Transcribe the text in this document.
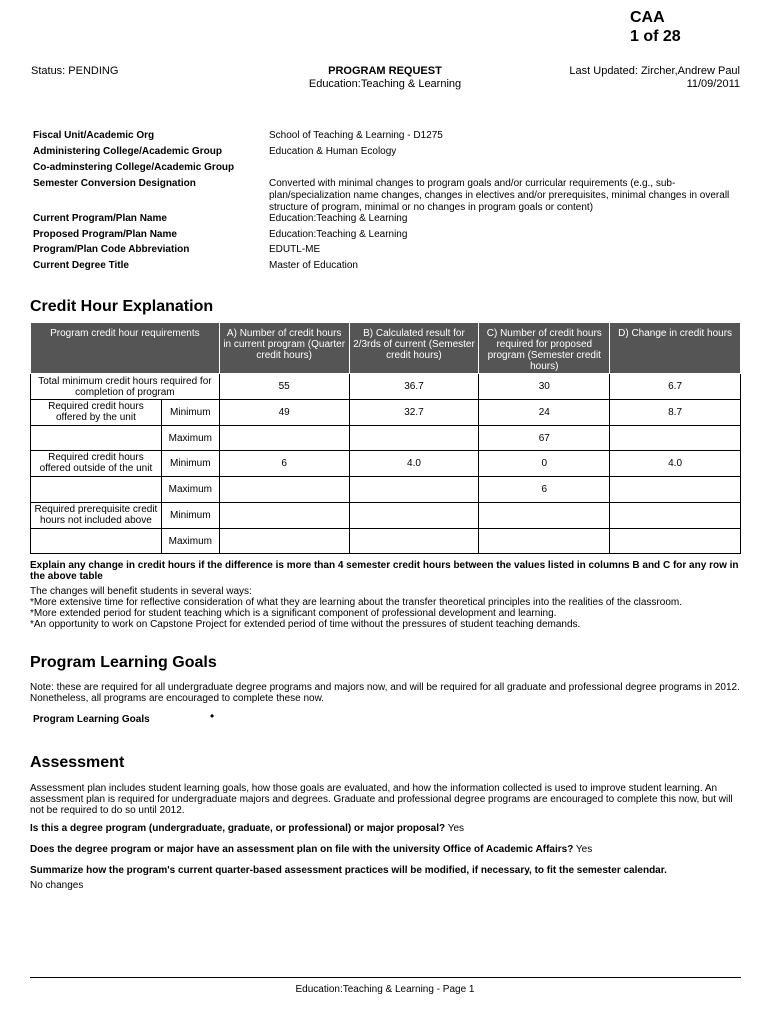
CAA
1 of 28
Status: PENDING	PROGRAM REQUEST
Education:Teaching & Learning
Last Updated: Zircher,Andrew Paul
11/09/2011
Fiscal Unit/Academic Org	School of Teaching & Learning - D1275
Administering College/Academic Group	Education & Human Ecology
Co-adminstering College/Academic Group
Semester Conversion Designation	Converted with minimal changes to program goals and/or curricular requirements (e.g., sub-plan/specialization name changes, changes in electives and/or prerequisites, minimal changes in overall structure of program, minimal or no changes in program goals or content)
Current Program/Plan Name	Education:Teaching & Learning
Proposed Program/Plan Name	Education:Teaching & Learning
Program/Plan Code Abbreviation	EDUTL-ME
Current Degree Title	Master of Education
Credit Hour Explanation
Program credit hour requirements		A) Number of credit hours in current program (Quarter credit hours)	B) Calculated result for 2/3rds of current (Semester credit hours)	C) Number of credit hours required for proposed program (Semester credit hours)	D) Change in credit hours
Total minimum credit hours required for completion of program		55	36.7	30	6.7
Required credit hours offered by the unit	Minimum	49	32.7	24	8.7
	Maximum			67	
Required credit hours offered outside of the unit	Minimum	6	4.0	0	4.0
	Maximum			6	
Required prerequisite credit hours not included above	Minimum				
	Maximum				
Explain any change in credit hours if the difference is more than 4 semester credit hours between the values listed in columns B and C for any row in the above table
The changes will benefit students in several ways:
*More extensive time for reflective consideration of what they are learning about the transfer theoretical principles into the realities of the classroom.
*More extended period for student teaching which is a significant component of professional development and learning.
*An opportunity to work on Capstone Project for extended period of time without the pressures of student teaching demands.
Program Learning Goals
Note: these are required for all undergraduate degree programs and majors now, and will be required for all graduate and professional degree programs in 2012. Nonetheless, all programs are encouraged to complete these now.
Program Learning Goals	•
Assessment
Assessment plan includes student learning goals, how those goals are evaluated, and how the information collected is used to improve student learning. An assessment plan is required for undergraduate majors and degrees. Graduate and professional degree programs are encouraged to complete this now, but will not be required to do so until 2012.
Is this a degree program (undergraduate, graduate, or professional) or major proposal? Yes
Does the degree program or major have an assessment plan on file with the university Office of Academic Affairs? Yes
Summarize how the program's current quarter-based assessment practices will be modified, if necessary, to fit the semester calendar.
No changes
Education:Teaching & Learning - Page 1
